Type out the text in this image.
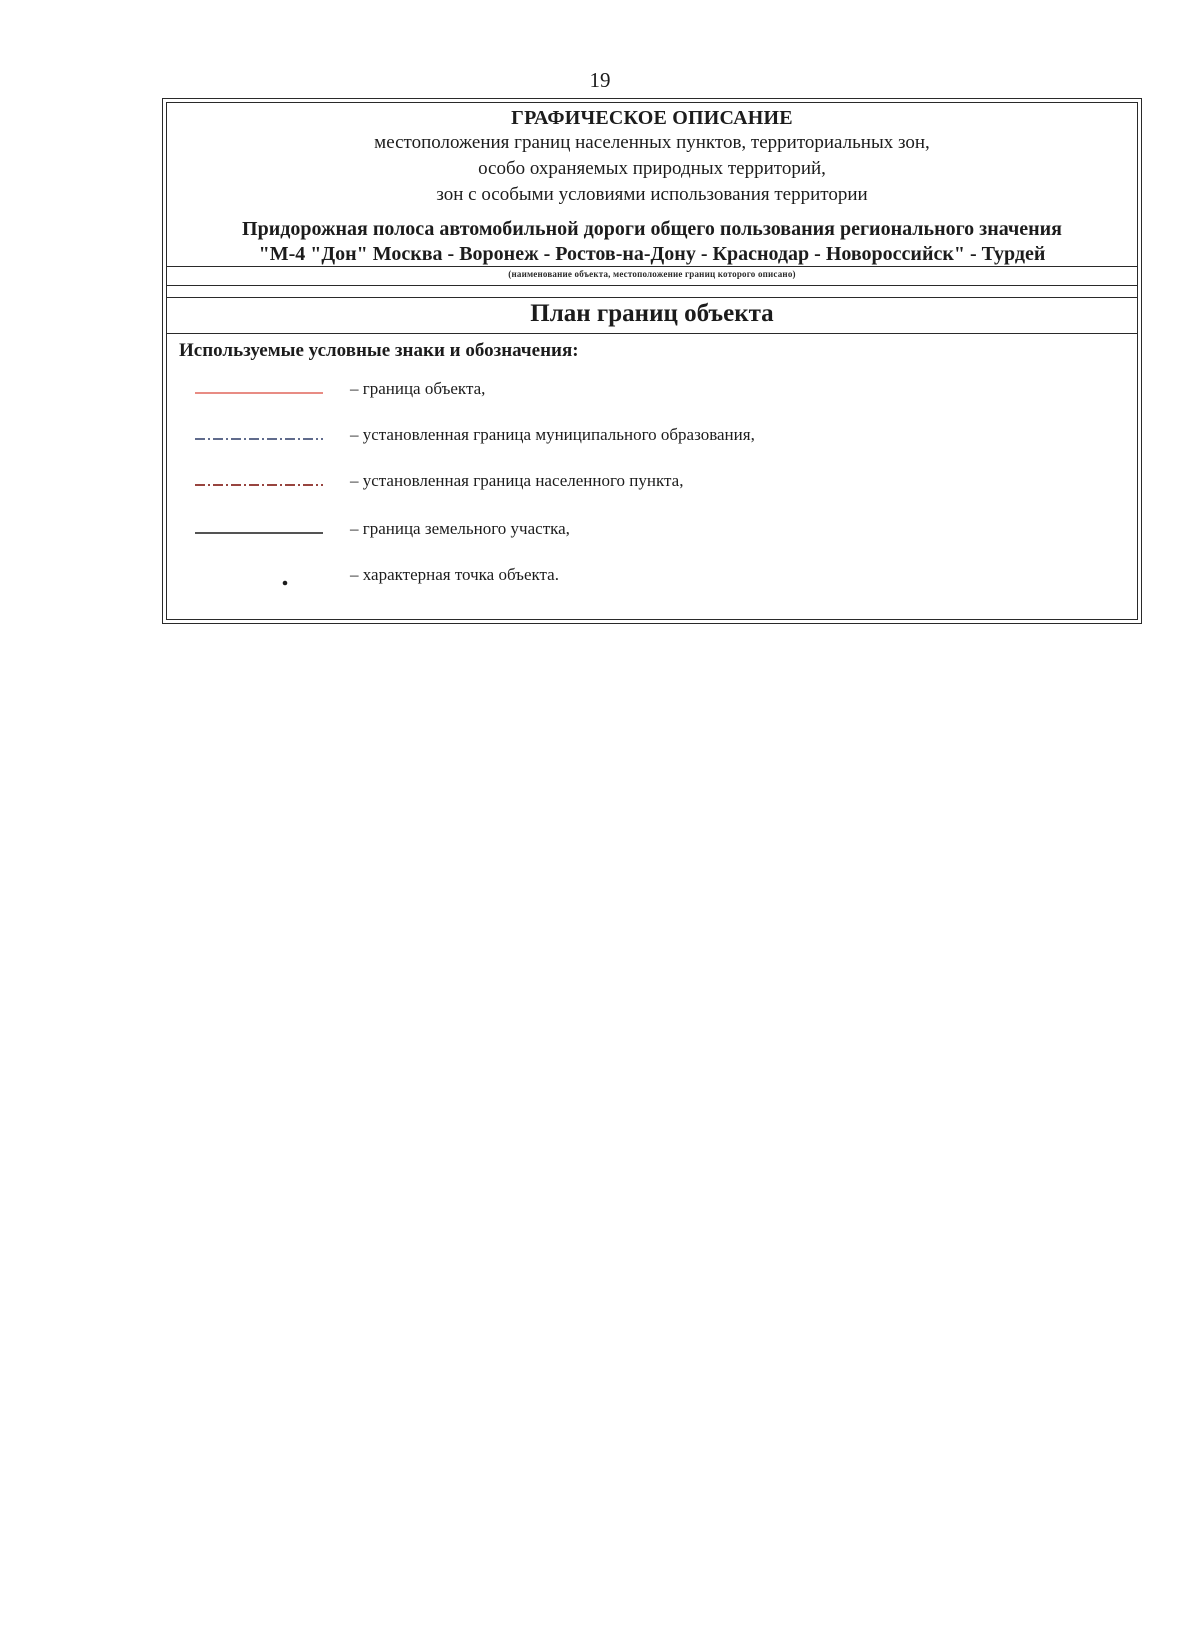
19
ГРАФИЧЕСКОЕ ОПИСАНИЕ
местоположения границ населенных пунктов, территориальных зон,
особо охраняемых природных территорий,
зон с особыми условиями использования территории
Придорожная полоса автомобильной дороги общего пользования регионального значения
"М-4 "Дон" Москва - Воронеж - Ростов-на-Дону - Краснодар - Новороссийск" - Турдей
(наименование объекта, местоположение границ которого описано)
План границ объекта
Используемые условные знаки и обозначения:
– граница объекта,
– установленная граница муниципального образования,
– установленная граница населенного пункта,
– граница земельного участка,
– характерная точка объекта.
